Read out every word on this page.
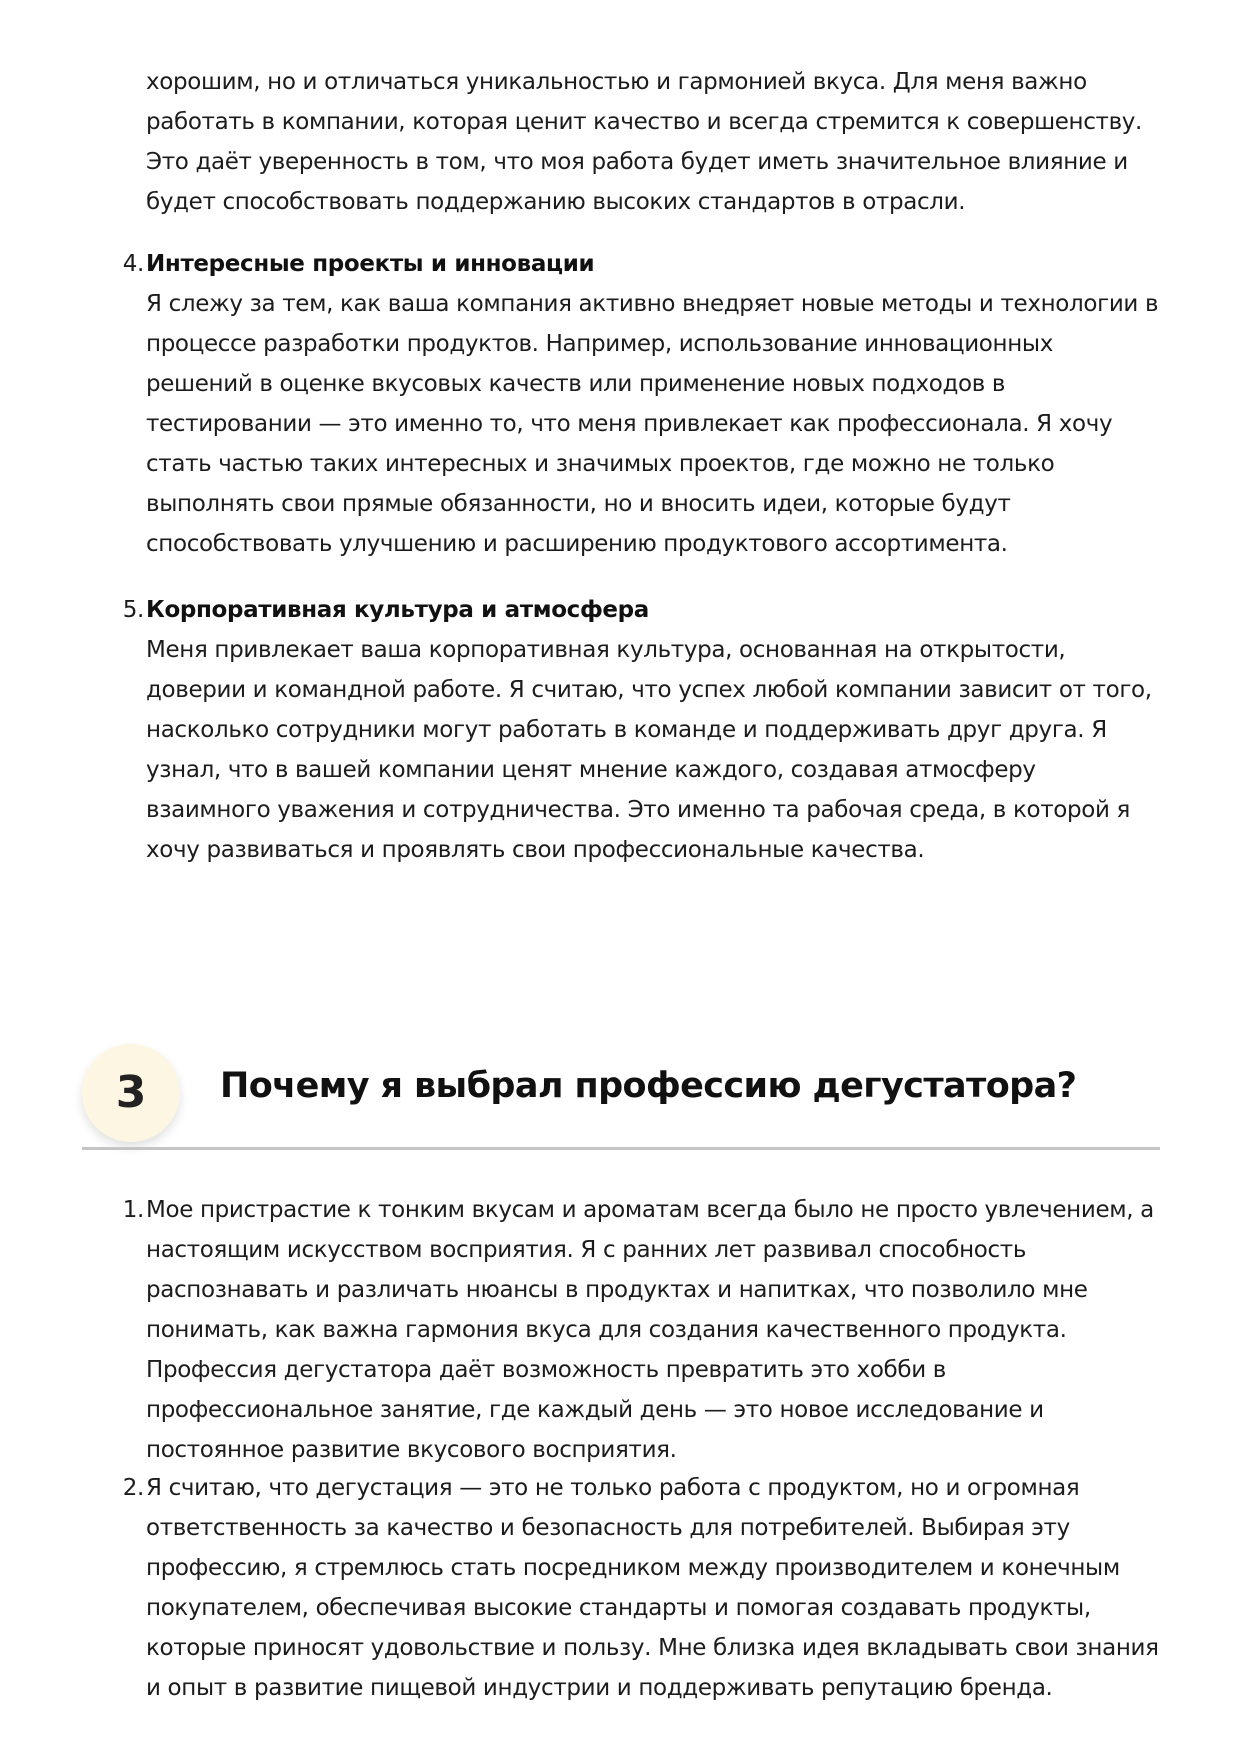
хорошим, но и отличаться уникальностью и гармонией вкуса. Для меня важно работать в компании, которая ценит качество и всегда стремится к совершенству. Это даёт уверенность в том, что моя работа будет иметь значительное влияние и будет способствовать поддержанию высоких стандартов в отрасли.

4. Интересные проекты и инновации
Я слежу за тем, как ваша компания активно внедряет новые методы и технологии в процессе разработки продуктов. Например, использование инновационных решений в оценке вкусовых качеств или применение новых подходов в тестировании — это именно то, что меня привлекает как профессионала. Я хочу стать частью таких интересных и значимых проектов, где можно не только выполнять свои прямые обязанности, но и вносить идеи, которые будут способствовать улучшению и расширению продуктового ассортимента.
5. Корпоративная культура и атмосфера
Меня привлекает ваша корпоративная культура, основанная на открытости, доверии и командной работе. Я считаю, что успех любой компании зависит от того, насколько сотрудники могут работать в команде и поддерживать друг друга. Я узнал, что в вашей компании ценят мнение каждого, создавая атмосферу взаимного уважения и сотрудничества. Это именно та рабочая среда, в которой я хочу развиваться и проявлять свои профессиональные качества.
3	Почему я выбрал профессию дегустатора?
1. Мое пристрастие к тонким вкусам и ароматам всегда было не просто увлечением, а настоящим искусством восприятия. Я с ранних лет развивал способность распознавать и различать нюансы в продуктах и напитках, что позволило мне понимать, как важна гармония вкуса для создания качественного продукта. Профессия дегустатора даёт возможность превратить это хобби в профессиональное занятие, где каждый день — это новое исследование и постоянное развитие вкусового восприятия.
2. Я считаю, что дегустация — это не только работа с продуктом, но и огромная ответственность за качество и безопасность для потребителей. Выбирая эту профессию, я стремлюсь стать посредником между производителем и конечным покупателем, обеспечивая высокие стандарты и помогая создавать продукты, которые приносят удовольствие и пользу. Мне близка идея вкладывать свои знания и опыт в развитие пищевой индустрии и поддерживать репутацию бренда.
